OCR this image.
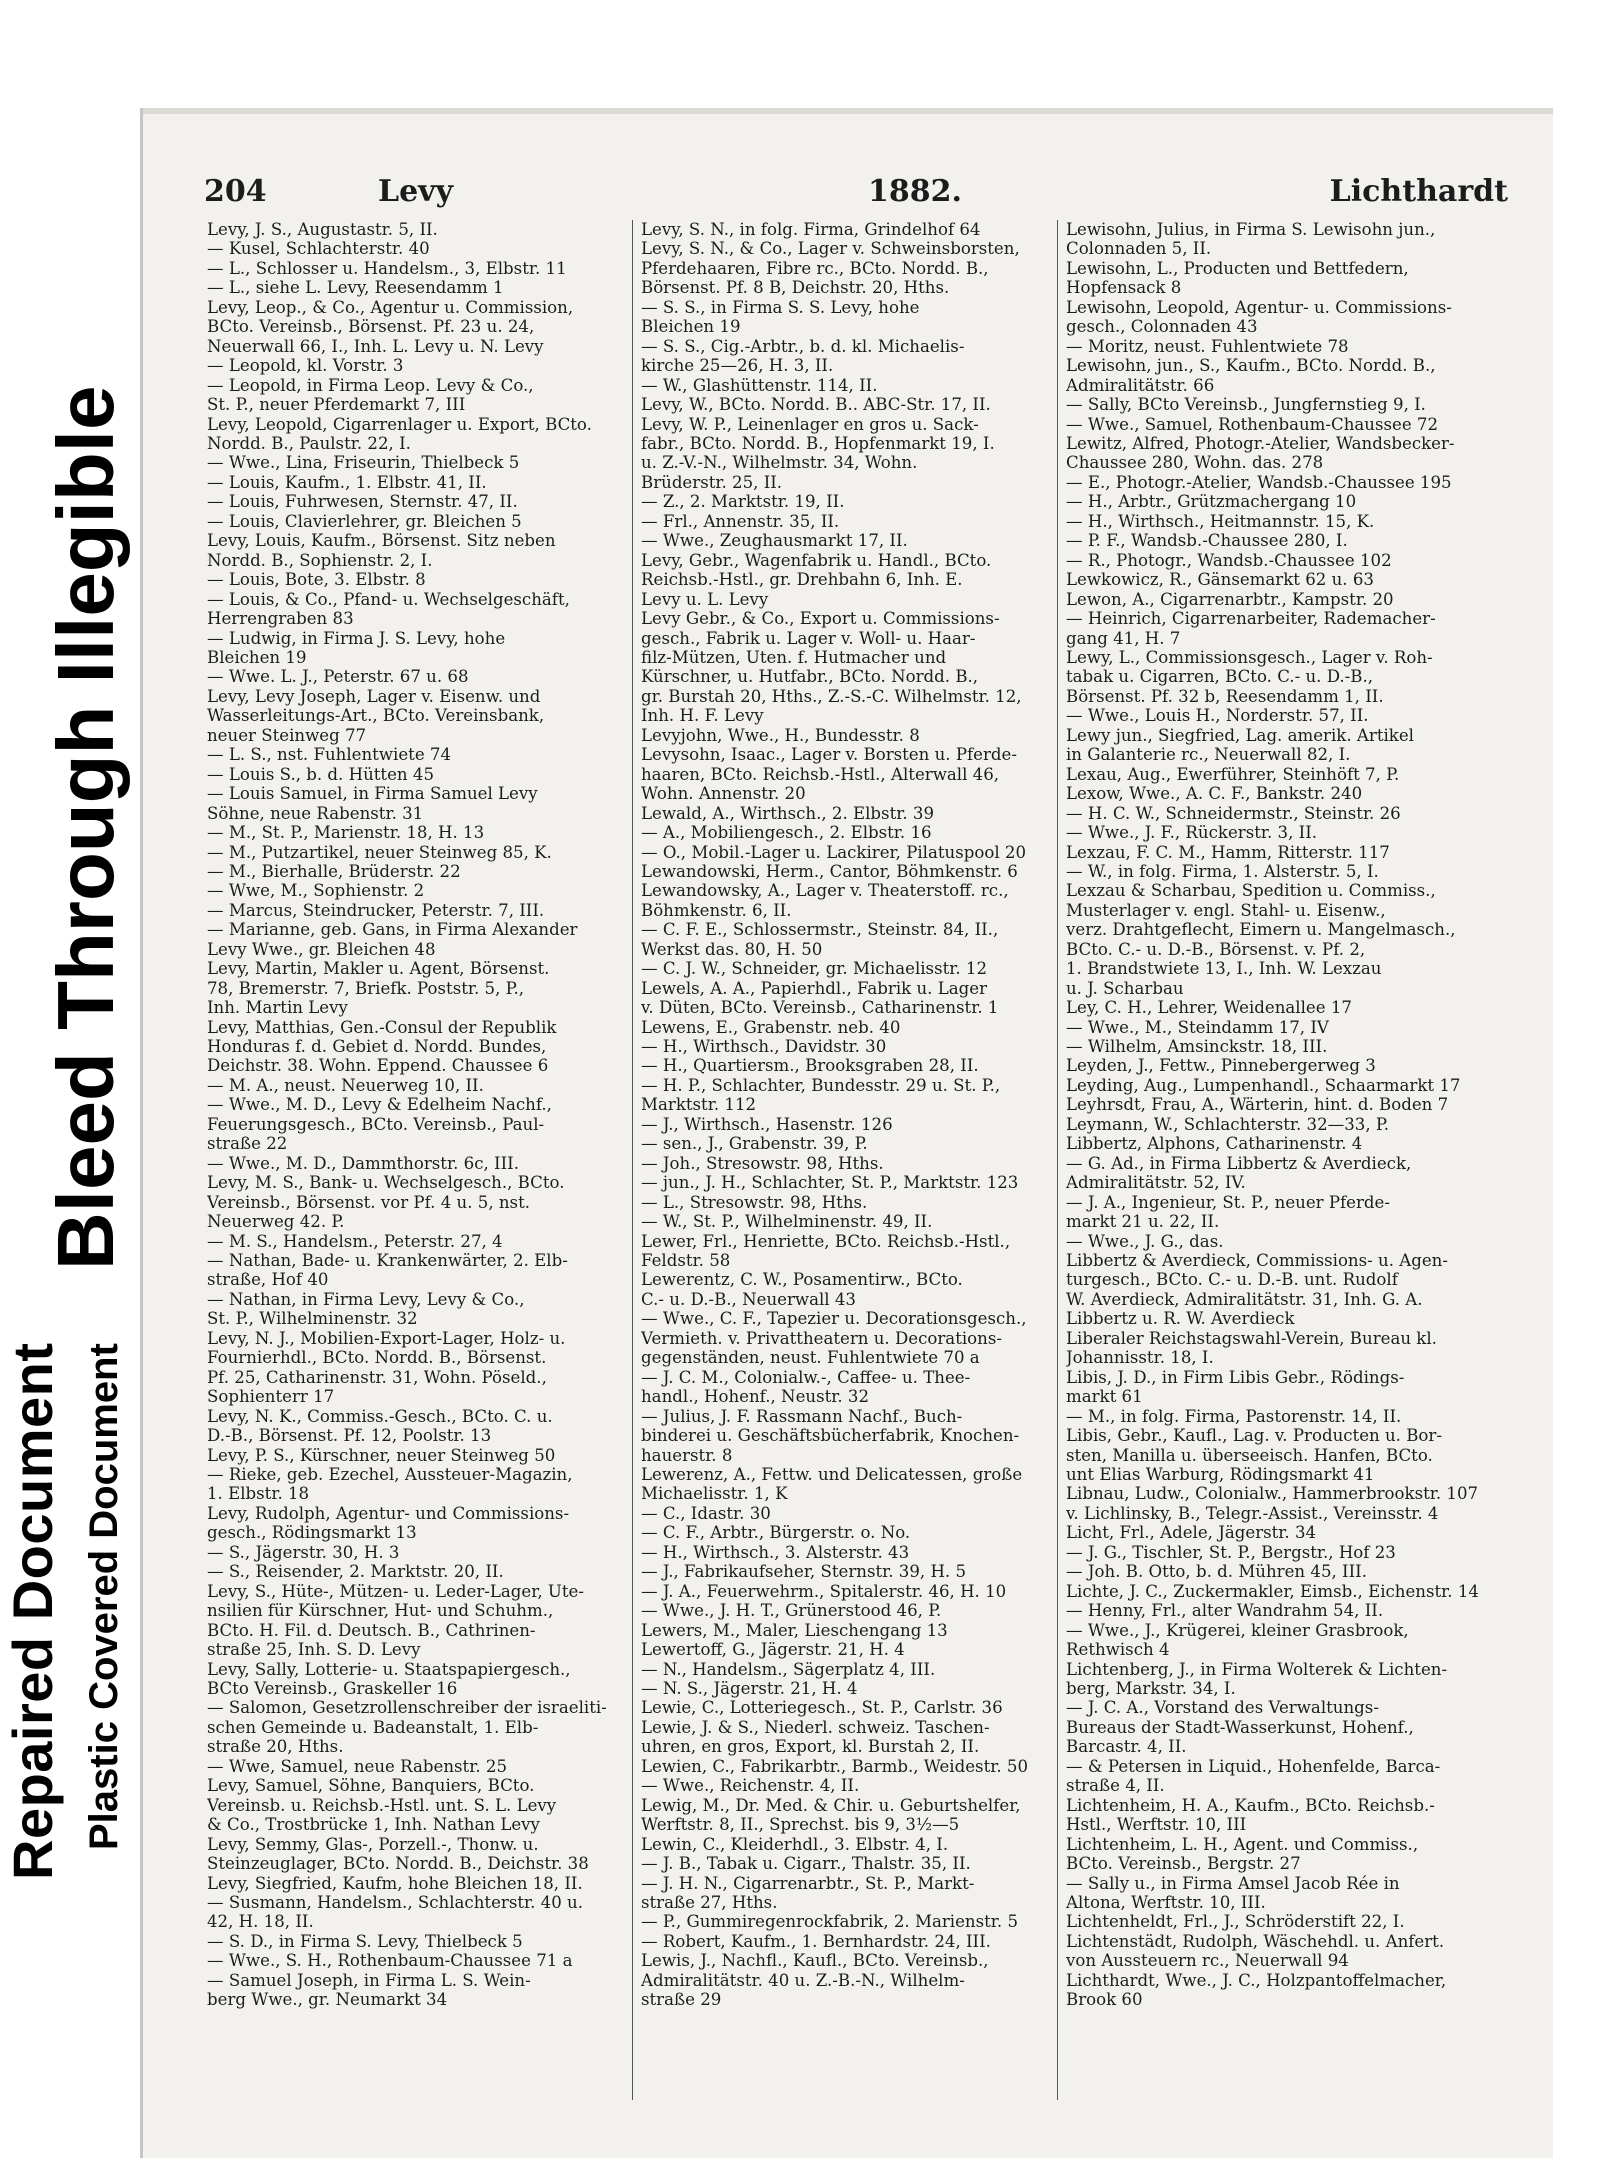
Repaired Document Plastic Covered Document
Bleed Through Illegible
204	Levy	1882.	Lichthardt
Levy, J. S., Augustastr. 5, II.
— Kusel, Schlachterstr. 40
— L., Schlosser u. Handelsm., 3, Elbstr. 11
— L., siehe L. Levy, Reesendamm 1
Levy, Leop., & Co., Agentur u. Commission,
BCto. Vereinsb., Börsenst. Pf. 23 u. 24,
Neuerwall 66, I., Inh. L. Levy u. N. Levy
— Leopold, kl. Vorstr. 3
— Leopold, in Firma Leop. Levy & Co.,
St. P., neuer Pferdemarkt 7, III
Levy, Leopold, Cigarrenlager u. Export, BCto.
Nordd. B., Paulstr. 22, I.
— Wwe., Lina, Friseurin, Thielbeck 5
— Louis, Kaufm., 1. Elbstr. 41, II.
— Louis, Fuhrwesen, Sternstr. 47, II.
— Louis, Clavierlehrer, gr. Bleichen 5
Levy, Louis, Kaufm., Börsenst. Sitz neben
Nordd. B., Sophienstr. 2, I.
— Louis, Bote, 3. Elbstr. 8
— Louis, & Co., Pfand- u. Wechselgeschäft,
Herrengraben 83
— Ludwig, in Firma J. S. Levy, hohe
Bleichen 19
— Wwe. L. J., Peterstr. 67 u. 68
Levy, Levy Joseph, Lager v. Eisenw. und
Wasserleitungs-Art., BCto. Vereinsbank,
neuer Steinweg 77
— L. S., nst. Fuhlentwiete 74
— Louis S., b. d. Hütten 45
— Louis Samuel, in Firma Samuel Levy
Söhne, neue Rabenstr. 31
— M., St. P., Marienstr. 18, H. 13
— M., Putzartikel, neuer Steinweg 85, K.
— M., Bierhalle, Brüderstr. 22
— Wwe, M., Sophienstr. 2
— Marcus, Steindrucker, Peterstr. 7, III.
— Marianne, geb. Gans, in Firma Alexander
Levy Wwe., gr. Bleichen 48
Levy, Martin, Makler u. Agent, Börsenst.
78, Bremerstr. 7, Briefk. Poststr. 5, P.,
Inh. Martin Levy
Levy, Matthias, Gen.-Consul der Republik
Honduras f. d. Gebiet d. Nordd. Bundes,
Deichstr. 38. Wohn. Eppend. Chaussee 6
— M. A., neust. Neuerweg 10, II.
— Wwe., M. D., Levy & Edelheim Nachf.,
Feuerungsgesch., BCto. Vereinsb., Paul-
straße 22
— Wwe., M. D., Dammthorstr. 6c, III.
Levy, M. S., Bank- u. Wechselgesch., BCto.
Vereinsb., Börsenst. vor Pf. 4 u. 5, nst.
Neuerweg 42. P.
— M. S., Handelsm., Peterstr. 27, 4
— Nathan, Bade- u. Krankenwärter, 2. Elb-
straße, Hof 40
— Nathan, in Firma Levy, Levy & Co.,
St. P., Wilhelminenstr. 32
Levy, N. J., Mobilien-Export-Lager, Holz- u.
Fournierhdl., BCto. Nordd. B., Börsenst.
Pf. 25, Catharinenstr. 31, Wohn. Pöseld.,
Sophienterr 17
Levy, N. K., Commiss.-Gesch., BCto. C. u.
D.-B., Börsenst. Pf. 12, Poolstr. 13
Levy, P. S., Kürschner, neuer Steinweg 50
— Rieke, geb. Ezechel, Aussteuer-Magazin,
1. Elbstr. 18
Levy, Rudolph, Agentur- und Commissions-
gesch., Rödingsmarkt 13
— S., Jägerstr. 30, H. 3
— S., Reisender, 2. Marktstr. 20, II.
Levy, S., Hüte-, Mützen- u. Leder-Lager, Ute-
nsilien für Kürschner, Hut- und Schuhm.,
BCto. H. Fil. d. Deutsch. B., Cathrinen-
straße 25, Inh. S. D. Levy
Levy, Sally, Lotterie- u. Staatspapiergesch.,
BCto Vereinsb., Graskeller 16
— Salomon, Gesetzrollenschreiber der israeliti-
schen Gemeinde u. Badeanstalt, 1. Elb-
straße 20, Hths.
— Wwe, Samuel, neue Rabenstr. 25
Levy, Samuel, Söhne, Banquiers, BCto.
Vereinsb. u. Reichsb.-Hstl. unt. S. L. Levy
& Co., Trostbrücke 1, Inh. Nathan Levy
Levy, Semmy, Glas-, Porzell.-, Thonw. u.
Steinzeuglager, BCto. Nordd. B., Deichstr. 38
Levy, Siegfried, Kaufm, hohe Bleichen 18, II.
— Susmann, Handelsm., Schlachterstr. 40 u.
42, H. 18, II.
— S. D., in Firma S. Levy, Thielbeck 5
— Wwe., S. H., Rothenbaum-Chaussee 71 a
— Samuel Joseph, in Firma L. S. Wein-
berg Wwe., gr. Neumarkt 34
Levy, S. N., in folg. Firma, Grindelhof 64
Levy, S. N., & Co., Lager v. Schweinsborsten,
Pferdehaaren, Fibre rc., BCto. Nordd. B.,
Börsenst. Pf. 8 B, Deichstr. 20, Hths.
— S. S., in Firma S. S. Levy, hohe
Bleichen 19
— S. S., Cig.-Arbtr., b. d. kl. Michaelis-
kirche 25—26, H. 3, II.
— W., Glashüttenstr. 114, II.
Levy, W., BCto. Nordd. B.. ABC-Str. 17, II.
Levy, W. P., Leinenlager en gros u. Sack-
fabr., BCto. Nordd. B., Hopfenmarkt 19, I.
u. Z.-V.-N., Wilhelmstr. 34, Wohn.
Brüderstr. 25, II.
— Z., 2. Marktstr. 19, II.
— Frl., Annenstr. 35, II.
— Wwe., Zeughausmarkt 17, II.
Levy, Gebr., Wagenfabrik u. Handl., BCto.
Reichsb.-Hstl., gr. Drehbahn 6, Inh. E.
Levy u. L. Levy
Levy Gebr., & Co., Export u. Commissions-
gesch., Fabrik u. Lager v. Woll- u. Haar-
filz-Mützen, Uten. f. Hutmacher und
Kürschner, u. Hutfabr., BCto. Nordd. B.,
gr. Burstah 20, Hths., Z.-S.-C. Wilhelmstr. 12,
Inh. H. F. Levy
Levyjohn, Wwe., H., Bundesstr. 8
Levysohn, Isaac., Lager v. Borsten u. Pferde-
haaren, BCto. Reichsb.-Hstl., Alterwall 46,
Wohn. Annenstr. 20
Lewald, A., Wirthsch., 2. Elbstr. 39
— A., Mobiliengesch., 2. Elbstr. 16
— O., Mobil.-Lager u. Lackirer, Pilatuspool 20
Lewandowski, Herm., Cantor, Böhmkenstr. 6
Lewandowsky, A., Lager v. Theaterstoff. rc.,
Böhmkenstr. 6, II.
— C. F. E., Schlossermstr., Steinstr. 84, II.,
Werkst das. 80, H. 50
— C. J. W., Schneider, gr. Michaelisstr. 12
Lewels, A. A., Papierhdl., Fabrik u. Lager
v. Düten, BCto. Vereinsb., Catharinenstr. 1
Lewens, E., Grabenstr. neb. 40
— H., Wirthsch., Davidstr. 30
— H., Quartiersm., Brooksgraben 28, II.
— H. P., Schlachter, Bundesstr. 29 u. St. P.,
Marktstr. 112
— J., Wirthsch., Hasenstr. 126
— sen., J., Grabenstr. 39, P.
— Joh., Stresowstr. 98, Hths.
— jun., J. H., Schlachter, St. P., Marktstr. 123
— L., Stresowstr. 98, Hths.
— W., St. P., Wilhelminenstr. 49, II.
Lewer, Frl., Henriette, BCto. Reichsb.-Hstl.,
Feldstr. 58
Lewerentz, C. W., Posamentirw., BCto.
C.- u. D.-B., Neuerwall 43
— Wwe., C. F., Tapezier u. Decorationsgesch.,
Vermieth. v. Privattheatern u. Decorations-
gegenständen, neust. Fuhlentwiete 70 a
— J. C. M., Colonialw.-, Caffee- u. Thee-
handl., Hohenf., Neustr. 32
— Julius, J. F. Rassmann Nachf., Buch-
binderei u. Geschäftsbücherfabrik, Knochen-
hauerstr. 8
Lewerenz, A., Fettw. und Delicatessen, große
Michaelisstr. 1, K
— C., Idastr. 30
— C. F., Arbtr., Bürgerstr. o. No.
— H., Wirthsch., 3. Alsterstr. 43
— J., Fabrikaufseher, Sternstr. 39, H. 5
— J. A., Feuerwehrm., Spitalerstr. 46, H. 10
— Wwe., J. H. T., Grünerstood 46, P.
Lewers, M., Maler, Lieschengang 13
Lewertoff, G., Jägerstr. 21, H. 4
— N., Handelsm., Sägerplatz 4, III.
— N. S., Jägerstr. 21, H. 4
Lewie, C., Lotteriegesch., St. P., Carlstr. 36
Lewie, J. & S., Niederl. schweiz. Taschen-
uhren, en gros, Export, kl. Burstah 2, II.
Lewien, C., Fabrikarbtr., Barmb., Weidestr. 50
— Wwe., Reichenstr. 4, II.
Lewig, M., Dr. Med. & Chir. u. Geburtshelfer,
Werftstr. 8, II., Sprechst. bis 9, 3½—5
Lewin, C., Kleiderhdl., 3. Elbstr. 4, I.
— J. B., Tabak u. Cigarr., Thalstr. 35, II.
— J. H. N., Cigarrenarbtr., St. P., Markt-
straße 27, Hths.
— P., Gummiregenrockfabrik, 2. Marienstr. 5
— Robert, Kaufm., 1. Bernhardstr. 24, III.
Lewis, J., Nachfl., Kaufl., BCto. Vereinsb.,
Admiralitätstr. 40 u. Z.-B.-N., Wilhelm-
straße 29
Lewisohn, Julius, in Firma S. Lewisohn jun.,
Colonnaden 5, II.
Lewisohn, L., Producten und Bettfedern,
Hopfensack 8
Lewisohn, Leopold, Agentur- u. Commissions-
gesch., Colonnaden 43
— Moritz, neust. Fuhlentwiete 78
Lewisohn, jun., S., Kaufm., BCto. Nordd. B.,
Admiralitätstr. 66
— Sally, BCto Vereinsb., Jungfernstieg 9, I.
— Wwe., Samuel, Rothenbaum-Chaussee 72
Lewitz, Alfred, Photogr.-Atelier, Wandsbecker-
Chaussee 280, Wohn. das. 278
— E., Photogr.-Atelier, Wandsb.-Chaussee 195
— H., Arbtr., Grützmachergang 10
— H., Wirthsch., Heitmannstr. 15, K.
— P. F., Wandsb.-Chaussee 280, I.
— R., Photogr., Wandsb.-Chaussee 102
Lewkowicz, R., Gänsemarkt 62 u. 63
Lewon, A., Cigarrenarbtr., Kampstr. 20
— Heinrich, Cigarrenarbeiter, Rademacher-
gang 41, H. 7
Lewy, L., Commissionsgesch., Lager v. Roh-
tabak u. Cigarren, BCto. C.- u. D.-B.,
Börsenst. Pf. 32 b, Reesendamm 1, II.
— Wwe., Louis H., Norderstr. 57, II.
Lewy jun., Siegfried, Lag. amerik. Artikel
in Galanterie rc., Neuerwall 82, I.
Lexau, Aug., Ewerführer, Steinhöft 7, P.
Lexow, Wwe., A. C. F., Bankstr. 240
— H. C. W., Schneidermstr., Steinstr. 26
— Wwe., J. F., Rückerstr. 3, II.
Lexzau, F. C. M., Hamm, Ritterstr. 117
— W., in folg. Firma, 1. Alsterstr. 5, I.
Lexzau & Scharbau, Spedition u. Commiss.,
Musterlager v. engl. Stahl- u. Eisenw.,
verz. Drahtgeflecht, Eimern u. Mangelmasch.,
BCto. C.- u. D.-B., Börsenst. v. Pf. 2,
1. Brandstwiete 13, I., Inh. W. Lexzau
u. J. Scharbau
Ley, C. H., Lehrer, Weidenallee 17
— Wwe., M., Steindamm 17, IV
— Wilhelm, Amsinckstr. 18, III.
Leyden, J., Fettw., Pinnebergerweg 3
Leyding, Aug., Lumpenhandl., Schaarmarkt 17
Leyhrsdt, Frau, A., Wärterin, hint. d. Boden 7
Leymann, W., Schlachterstr. 32—33, P.
Libbertz, Alphons, Catharinenstr. 4
— G. Ad., in Firma Libbertz & Averdieck,
Admiralitätstr. 52, IV.
— J. A., Ingenieur, St. P., neuer Pferde-
markt 21 u. 22, II.
— Wwe., J. G., das.
Libbertz & Averdieck, Commissions- u. Agen-
turgesch., BCto. C.- u. D.-B. unt. Rudolf
W. Averdieck, Admiralitätstr. 31, Inh. G. A.
Libbertz u. R. W. Averdieck
Liberaler Reichstagswahl-Verein, Bureau kl.
Johannisstr. 18, I.
Libis, J. D., in Firm Libis Gebr., Rödings-
markt 61
— M., in folg. Firma, Pastorenstr. 14, II.
Libis, Gebr., Kaufl., Lag. v. Producten u. Bor-
sten, Manilla u. überseeisch. Hanfen, BCto.
unt Elias Warburg, Rödingsmarkt 41
Libnau, Ludw., Colonialw., Hammerbrookstr. 107
v. Lichlinsky, B., Telegr.-Assist., Vereinsstr. 4
Licht, Frl., Adele, Jägerstr. 34
— J. G., Tischler, St. P., Bergstr., Hof 23
— Joh. B. Otto, b. d. Mühren 45, III.
Lichte, J. C., Zuckermakler, Eimsb., Eichenstr. 14
— Henny, Frl., alter Wandrahm 54, II.
— Wwe., J., Krügerei, kleiner Grasbrook,
Rethwisch 4
Lichtenberg, J., in Firma Wolterek & Lichten-
berg, Markstr. 34, I.
— J. C. A., Vorstand des Verwaltungs-
Bureaus der Stadt-Wasserkunst, Hohenf.,
Barcastr. 4, II.
— & Petersen in Liquid., Hohenfelde, Barca-
straße 4, II.
Lichtenheim, H. A., Kaufm., BCto. Reichsb.-
Hstl., Werftstr. 10, III
Lichtenheim, L. H., Agent. und Commiss.,
BCto. Vereinsb., Bergstr. 27
— Sally u., in Firma Amsel Jacob Rée in
Altona, Werftstr. 10, III.
Lichtenheldt, Frl., J., Schröderstift 22, I.
Lichtenstädt, Rudolph, Wäschehdl. u. Anfert.
von Aussteuern rc., Neuerwall 94
Lichthardt, Wwe., J. C., Holzpantoffelmacher,
Brook 60
